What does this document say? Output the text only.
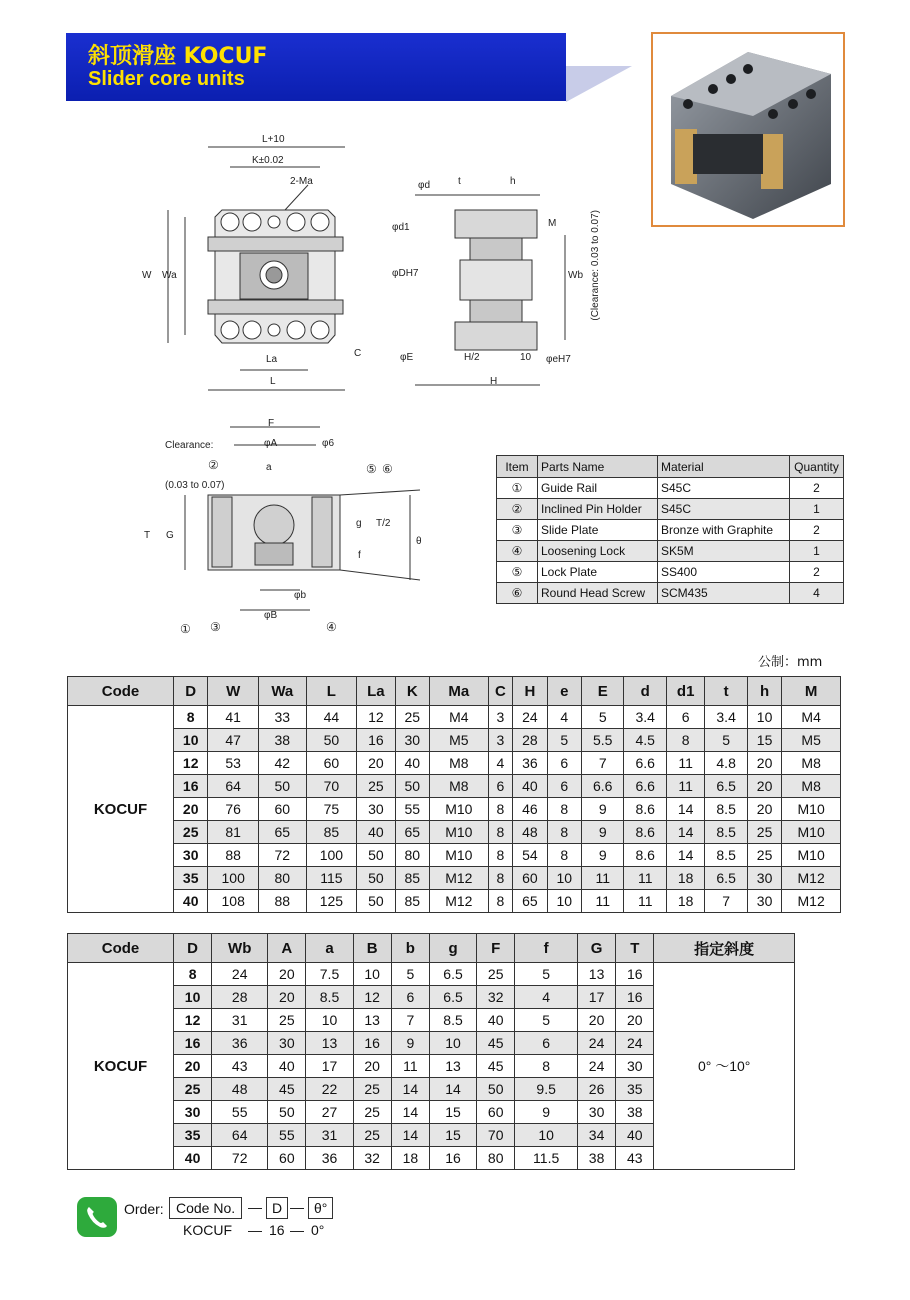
斜顶滑座 KOCUF
Slider core units
L+10
K±0.02
2-Ma
W Wa
La
L
C
φd	t	h
M
φd1
φDH7	Wb (Clearance: 0.03 to 0.07)
φE	H/2	10
H
φeH7
F
φA	φ6
a
Clearance:
(0.03 to 0.07)
T G
g T/2
f
θ
φb
φB
①
②
③	④
⑤ ⑥	Item	Parts Name	Material	Quantity
①	Guide Rail	S45C	2
②	Inclined Pin Holder	S45C	1
③	Slide Plate	Bronze with Graphite	2
④	Loosening Lock	SK5M	1
⑤	Lock Plate	SS400	2
⑥	Round Head Screw	SCM435	4
公制：mm
Code	D	W	Wa	L	La	K	Ma	C	H	e	E	d	d1	t	h	M
KOCUF	8	41	33	44	12	25	M4	3	24	4	5	3.4	6	3.4	10	M4
	10	47	38	50	16	30	M5	3	28	5	5.5	4.5	8	5	15	M5
	12	53	42	60	20	40	M8	4	36	6	7	6.6	11	4.8	20	M8
	16	64	50	70	25	50	M8	6	40	6	6.6	6.6	11	6.5	20	M8
	20	76	60	75	30	55	M10	8	46	8	9	8.6	14	8.5	20	M10
	25	81	65	85	40	65	M10	8	48	8	9	8.6	14	8.5	25	M10
	30	88	72	100	50	80	M10	8	54	8	9	8.6	14	8.5	25	M10
	35	100	80	115	50	85	M12	8	60	10	11	11	18	6.5	30	M12
	40	108	88	125	50	85	M12	8	65	10	11	11	18	7	30	M12
Code	D	Wb	A	a	B	b	g	F	f	G	T	指定斜度
KOCUF	8	24	20	7.5	10	5	6.5	25	5	13	16	0° ～10°
	10	28	20	8.5	12	6	6.5	32	4	17	16	
	12	31	25	10	13	7	8.5	40	5	20	20	
	16	36	30	13	16	9	10	45	6	24	24	
	20	43	40	17	20	11	13	45	8	24	30	
	25	48	45	22	25	14	14	50	9.5	26	35	
	30	55	50	27	25	14	15	60	9	30	38	
	35	64	55	31	25	14	15	70	10	34	40	
	40	72	60	36	32	18	16	80	11.5	38	43	
Order: Code No. — D — θ°
KOCUF — 16 — 0°
